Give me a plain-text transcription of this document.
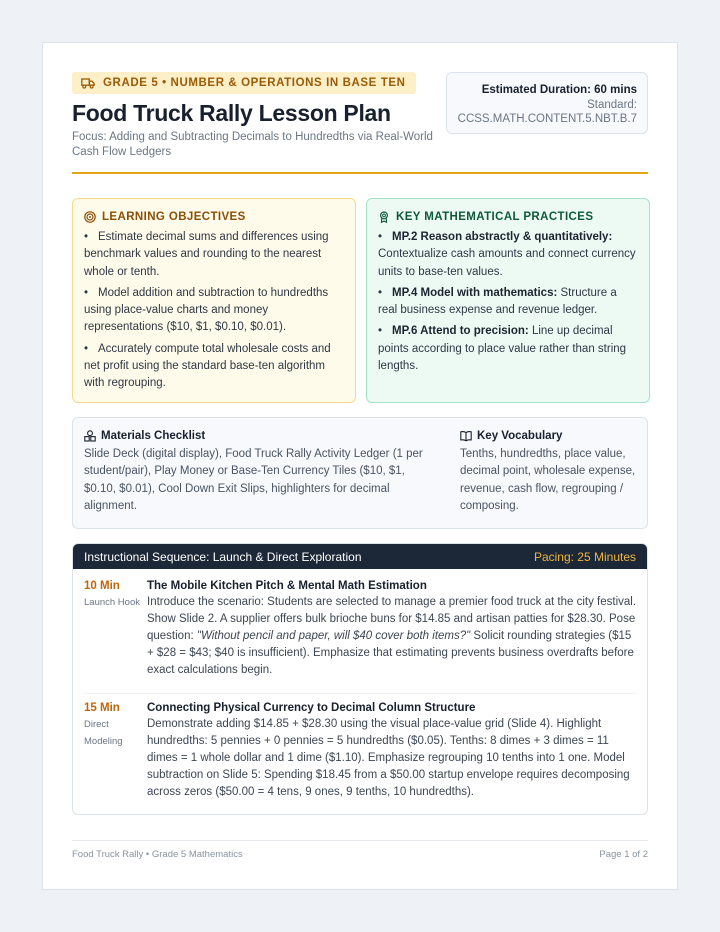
GRADE 5 • NUMBER & OPERATIONS IN BASE TEN
Food Truck Rally Lesson Plan

Focus: Adding and Subtracting Decimals to Hundredths via Real-World Cash Flow Ledgers

Estimated Duration: 60 mins
Standard:
CCSS.MATH.CONTENT.5.NBT.B.7
LEARNING OBJECTIVES
• Estimate decimal sums and differences using benchmark values and rounding to the nearest whole or tenth.
• Model addition and subtraction to hundredths using place-value charts and money representations ($10, $1, $0.10, $0.01).
• Accurately compute total wholesale costs and net profit using the standard base-ten algorithm with regrouping.
KEY MATHEMATICAL PRACTICES
• MP.2 Reason abstractly & quantitatively: Contextualize cash amounts and connect currency units to base-ten values.
• MP.4 Model with mathematics: Structure a real business expense and revenue ledger.
• MP.6 Attend to precision: Line up decimal points according to place value rather than string lengths.
Materials Checklist

Slide Deck (digital display), Food Truck Rally Activity Ledger (1 per student/pair), Play Money or Base-Ten Currency Tiles ($10, $1, $0.10, $0.01), Cool Down Exit Slips, highlighters for decimal alignment.

Key Vocabulary

Tenths, hundredths, place value, decimal point, wholesale expense, revenue, cash flow, regrouping / composing.

Instructional Sequence: Launch & Direct Exploration	Pacing: 25 Minutes
10 Min
Launch Hook
The Mobile Kitchen Pitch & Mental Math Estimation

Introduce the scenario: Students are selected to manage a premier food truck at the city festival. Show Slide 2. A supplier offers bulk brioche buns for $14.85 and artisan patties for $28.30. Pose question: "Without pencil and paper, will $40 cover both items?" Solicit rounding strategies ($15 + $28 = $43; $40 is insufficient). Emphasize that estimating prevents business overdrafts before exact calculations begin.

15 Min
Direct Modeling
Connecting Physical Currency to Decimal Column Structure

Demonstrate adding $14.85 + $28.30 using the visual place-value grid (Slide 4). Highlight hundredths: 5 pennies + 0 pennies = 5 hundredths ($0.05). Tenths: 8 dimes + 3 dimes = 11 dimes = 1 whole dollar and 1 dime ($1.10). Emphasize regrouping 10 tenths into 1 one. Model subtraction on Slide 5: Spending $18.45 from a $50.00 startup envelope requires decomposing across zeros ($50.00 = 4 tens, 9 ones, 9 tenths, 10 hundredths).

Food Truck Rally • Grade 5 Mathematics	Page 1 of 2
